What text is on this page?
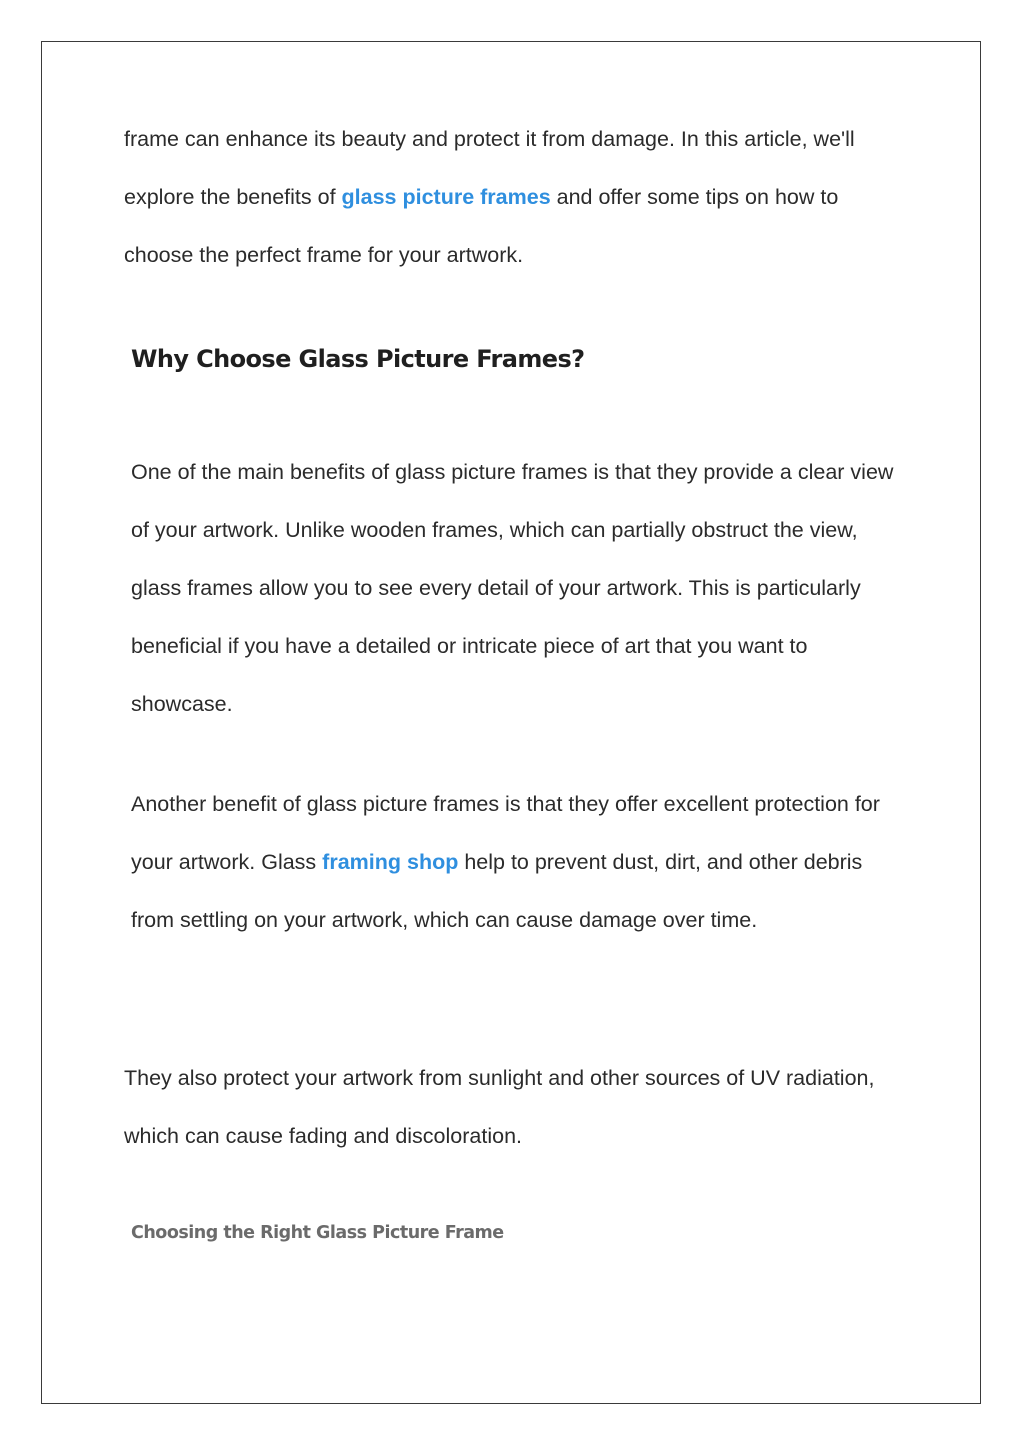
frame can enhance its beauty and protect it from damage. In this article, we'll explore the benefits of glass picture frames and offer some tips on how to choose the perfect frame for your artwork.

Why Choose Glass Picture Frames?

One of the main benefits of glass picture frames is that they provide a clear view of your artwork. Unlike wooden frames, which can partially obstruct the view, glass frames allow you to see every detail of your artwork. This is particularly beneficial if you have a detailed or intricate piece of art that you want to showcase.

Another benefit of glass picture frames is that they offer excellent protection for your artwork. Glass framing shop help to prevent dust, dirt, and other debris from settling on your artwork, which can cause damage over time.

They also protect your artwork from sunlight and other sources of UV radiation, which can cause fading and discoloration.

Choosing the Right Glass Picture Frame
